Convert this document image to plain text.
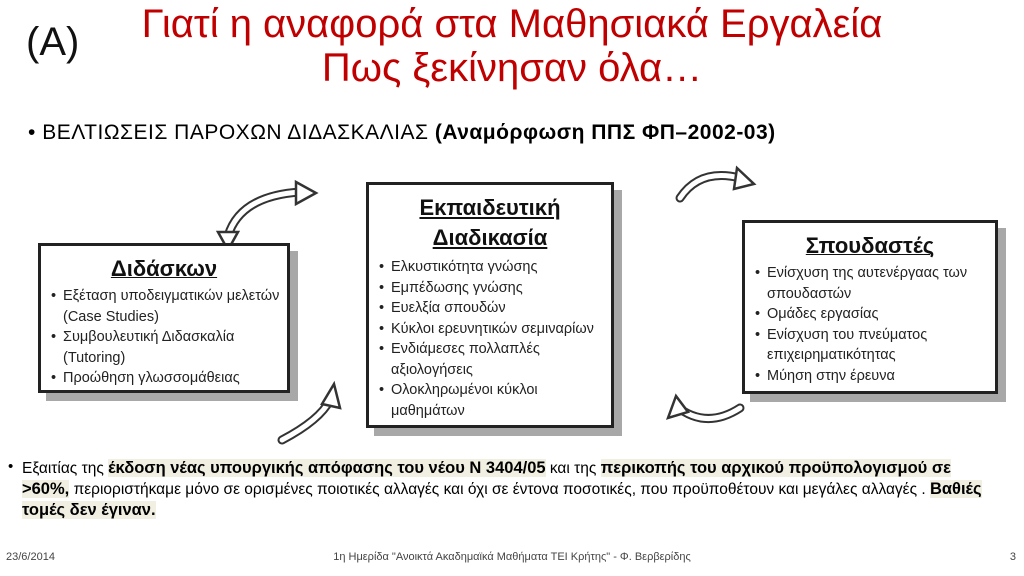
(Α)	Γιατί η αναφορά στα Μαθησιακά Εργαλεία
Πως ξεκίνησαν όλα…
• ΒΕΛΤΙΩΣΕΙΣ ΠΑΡΟΧΩΝ ΔΙΔΑΣΚΑΛΙΑΣ (Αναμόρφωση ΠΠΣ ΦΠ–2002-03)
Διδάσκων
• Εξέταση υποδειγματικών μελετών (Case Studies)
• Συμβουλευτική Διδασκαλία (Tutoring)
• Προώθηση γλωσσομάθειας
Εκπαιδευτική
Διαδικασία
• Ελκυστικότητα γνώσης
• Εμπέδωσης γνώσης
• Ευελξία σπουδών
• Κύκλοι ερευνητικών σεμιναρίων
• Ενδιάμεσες πολλαπλές αξιολογήσεις
• Ολοκληρωμένοι κύκλοι μαθημάτων
Σπουδαστές
• Ενίσχυση της αυτενέργαας των σπουδαστών
• Ομάδες εργασίας
• Ενίσχυση του πνεύματος επιχειρηματικότητας
• Μύηση στην έρευνα
• Εξαιτίας της έκδοση νέας υπουργικής απόφασης του νέου Ν 3404/05 και της περικοπής του αρχικού προϋπολογισμού σε >60%, περιοριστήκαμε μόνο σε ορισμένες ποιοτικές αλλαγές και όχι σε έντονα ποσοτικές, που προϋποθέτουν και μεγάλες αλλαγές . Βαθιές τομές δεν έγιναν.
23/6/2014	1η Ημερίδα "Ανοικτά Ακαδημαϊκά Μαθήματα ΤΕΙ Κρήτης" - Φ. Βερβερίδης	3
